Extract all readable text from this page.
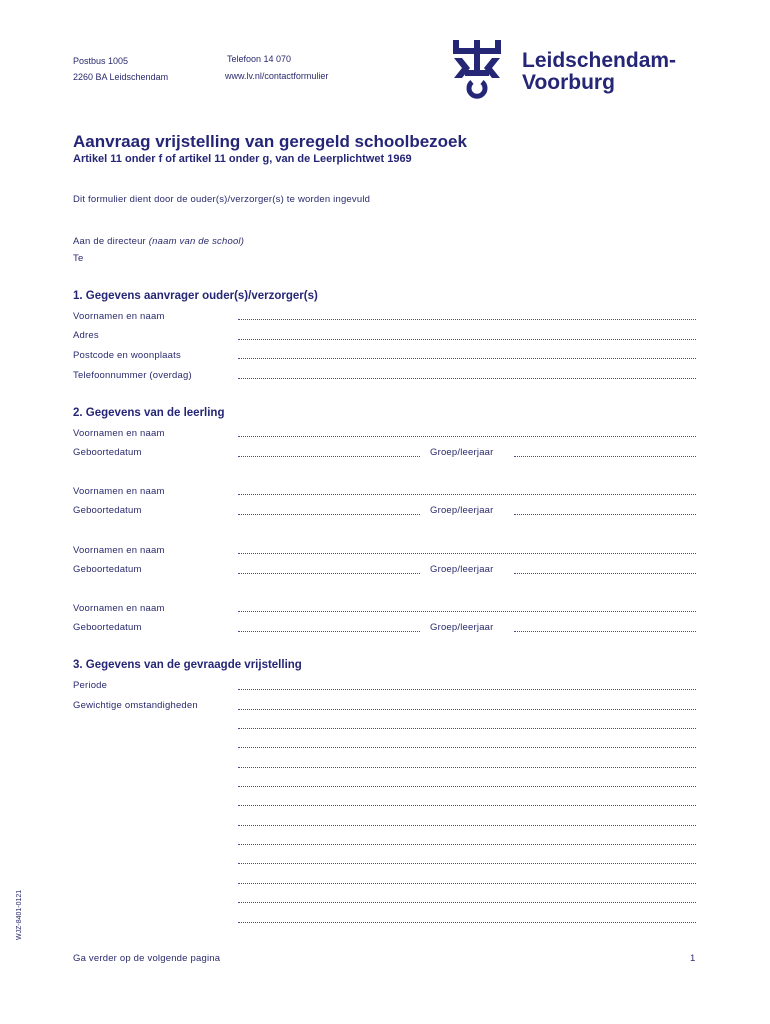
Postbus 1005
2260 BA Leidschendam
Telefoon 14 070
www.lv.nl/contactformulier
Leidschendam-
Voorburg
Aanvraag vrijstelling van geregeld schoolbezoek
Artikel 11 onder f of artikel 11 onder g, van de Leerplichtwet 1969
Dit formulier dient door de ouder(s)/verzorger(s) te worden ingevuld
Aan de directeur (naam van de school)
Te
1. Gegevens aanvrager ouder(s)/verzorger(s)
Voornamen en naam
Adres
Postcode en woonplaats
Telefoonnummer (overdag)
2. Gegevens van de leerling
Voornamen en naam
Geboortedatum	Groep/leerjaar
Voornamen en naam
Geboortedatum	Groep/leerjaar
Voornamen en naam
Geboortedatum	Groep/leerjaar
Voornamen en naam
Geboortedatum	Groep/leerjaar
3. Gegevens van de gevraagde vrijstelling
Periode
Gewichtige omstandigheden
WJZ-8401-0121
Ga verder op de volgende pagina	1
